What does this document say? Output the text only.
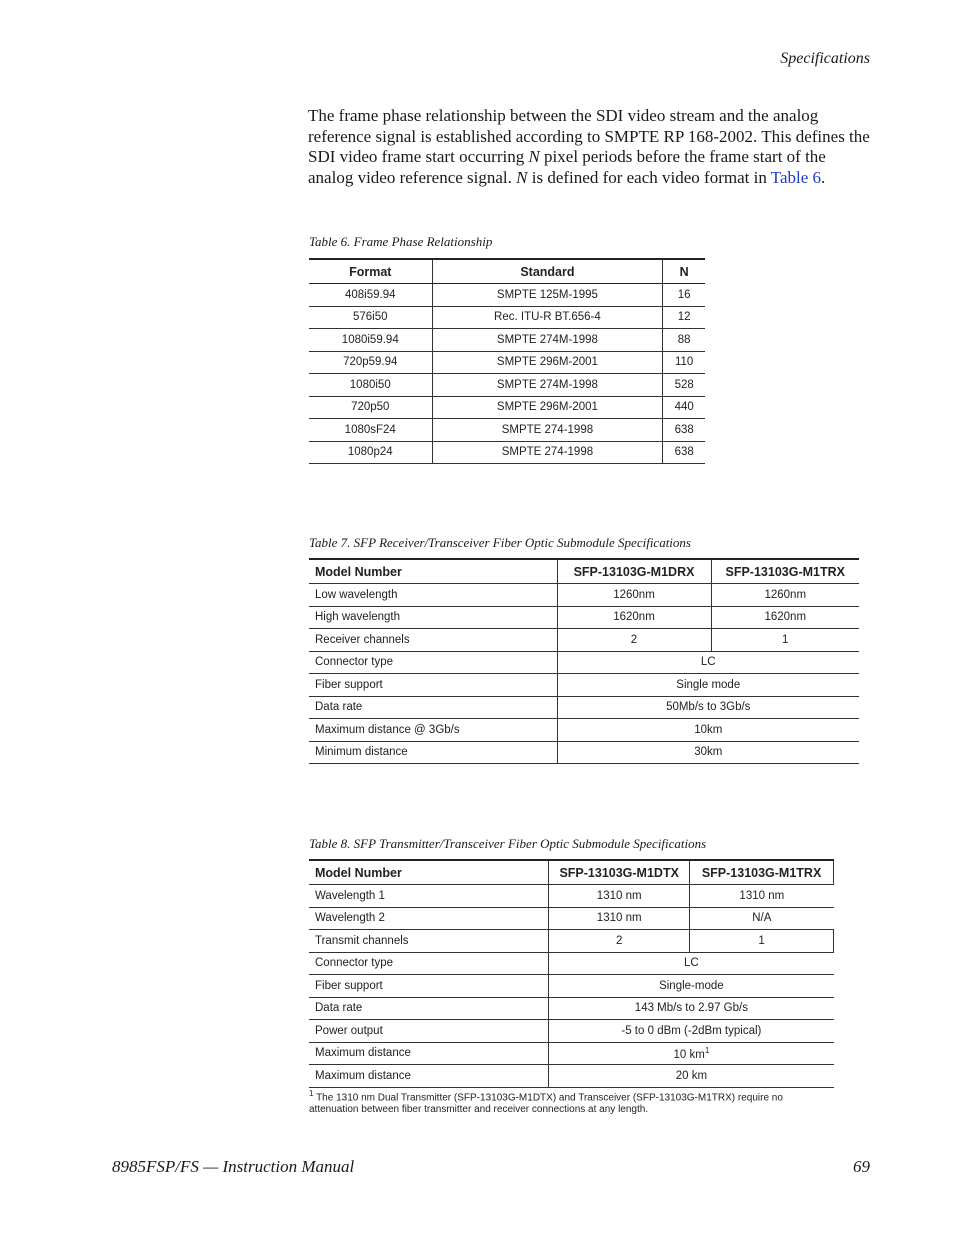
Specifications
The frame phase relationship between the SDI video stream and the analog reference signal is established according to SMPTE RP 168-2002. This defines the SDI video frame start occurring N pixel periods before the frame start of the analog video reference signal. N is defined for each video format in Table 6.
Table 6. Frame Phase Relationship
Format	Standard	N
408i59.94	SMPTE 125M-1995	16
576i50	Rec. ITU-R BT.656-4	12
1080i59.94	SMPTE 274M-1998	88
720p59.94	SMPTE 296M-2001	110
1080i50	SMPTE 274M-1998	528
720p50	SMPTE 296M-2001	440
1080sF24	SMPTE 274-1998	638
1080p24	SMPTE 274-1998	638
Table 7. SFP Receiver/Transceiver Fiber Optic Submodule Specifications
Model Number	SFP-13103G-M1DRX	SFP-13103G-M1TRX
Low wavelength	1260nm	1260nm
High wavelength	1620nm	1620nm
Receiver channels	2	1
Connector type	LC	
Fiber support	Single mode	
Data rate	50Mb/s to 3Gb/s	
Maximum distance @ 3Gb/s	10km	
Minimum distance	30km	
Table 8. SFP Transmitter/Transceiver Fiber Optic Submodule Specifications
Model Number	SFP-13103G-M1DTX	SFP-13103G-M1TRX
Wavelength 1	1310 nm	1310 nm
Wavelength 2	1310 nm	N/A
Transmit channels	2	1
Connector type	LC	
Fiber support	Single-mode	
Data rate	143 Mb/s to 2.97 Gb/s	
Power output	-5 to 0 dBm (-2dBm typical)	
Maximum distance	10 $km^1$
Maximum distance	20 km	
$^1$ The 1310 nm Dual Transmitter (SFP-13103G-M1DTX) and Transceiver (SFP-13103G-M1TRX) require no attenuation between fiber transmitter and receiver connections at any length.
8985FSP/FS — Instruction Manual	69
